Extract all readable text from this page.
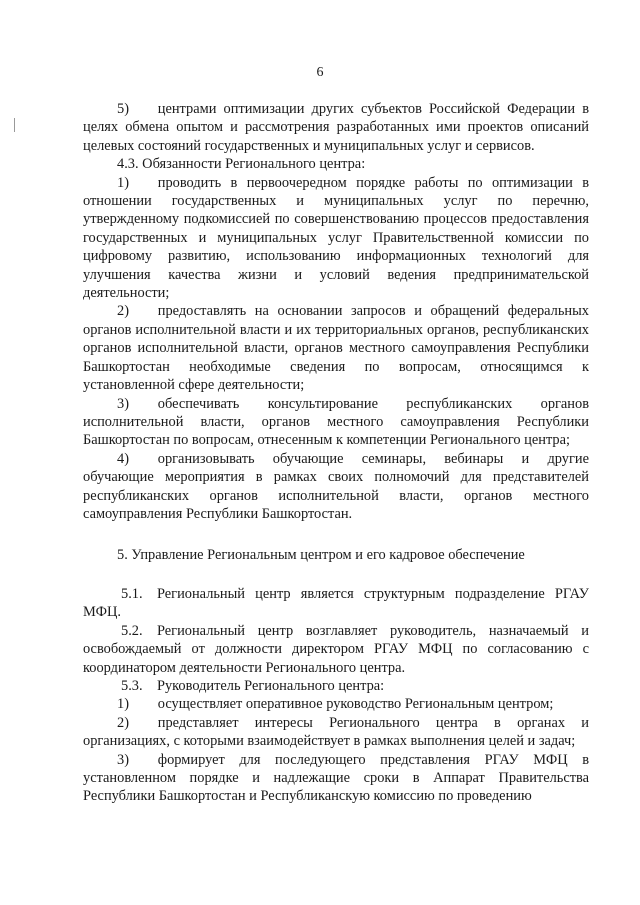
6

5)  центрами оптимизации других субъектов Российской Федерации в целях обмена опытом и рассмотрения разработанных ими проектов описаний целевых состояний государственных и муниципальных услуг и сервисов.

4.3. Обязанности Регионального центра:

1)  проводить в первоочередном порядке работы по оптимизации в отношении государственных и муниципальных услуг по перечню, утвержденному подкомиссией по совершенствованию процессов предоставления государственных и муниципальных услуг Правительственной комиссии по цифровому развитию, использованию информационных технологий для улучшения качества жизни и условий ведения предпринимательской деятельности;

2)  предоставлять на основании запросов и обращений федеральных органов исполнительной власти и их территориальных органов, республиканских органов исполнительной власти, органов местного самоуправления Республики Башкортостан необходимые сведения по вопросам, относящимся к установленной сфере деятельности;

3)  обеспечивать консультирование республиканских органов исполнительной власти, органов местного самоуправления Республики Башкортостан по вопросам, отнесенным к компетенции Регионального центра;

4)  организовывать обучающие семинары, вебинары и другие обучающие мероприятия в рамках своих полномочий для представителей республиканских органов исполнительной власти, органов местного самоуправления Республики Башкортостан.

5. Управление Региональным центром и его кадровое обеспечение

5.1. Региональный центр является структурным подразделение РГАУ МФЦ.

5.2. Региональный центр возглавляет руководитель, назначаемый и освобождаемый от должности директором РГАУ МФЦ по согласованию с координатором деятельности Регионального центра.

5.3. Руководитель Регионального центра:

1)  осуществляет оперативное руководство Региональным центром;

2)  представляет интересы Регионального центра в органах и организациях, с которыми взаимодействует в рамках выполнения целей и задач;

3)  формирует для последующего представления РГАУ МФЦ в установленном порядке и надлежащие сроки в Аппарат Правительства Республики Башкортостан и Республиканскую комиссию по проведению
